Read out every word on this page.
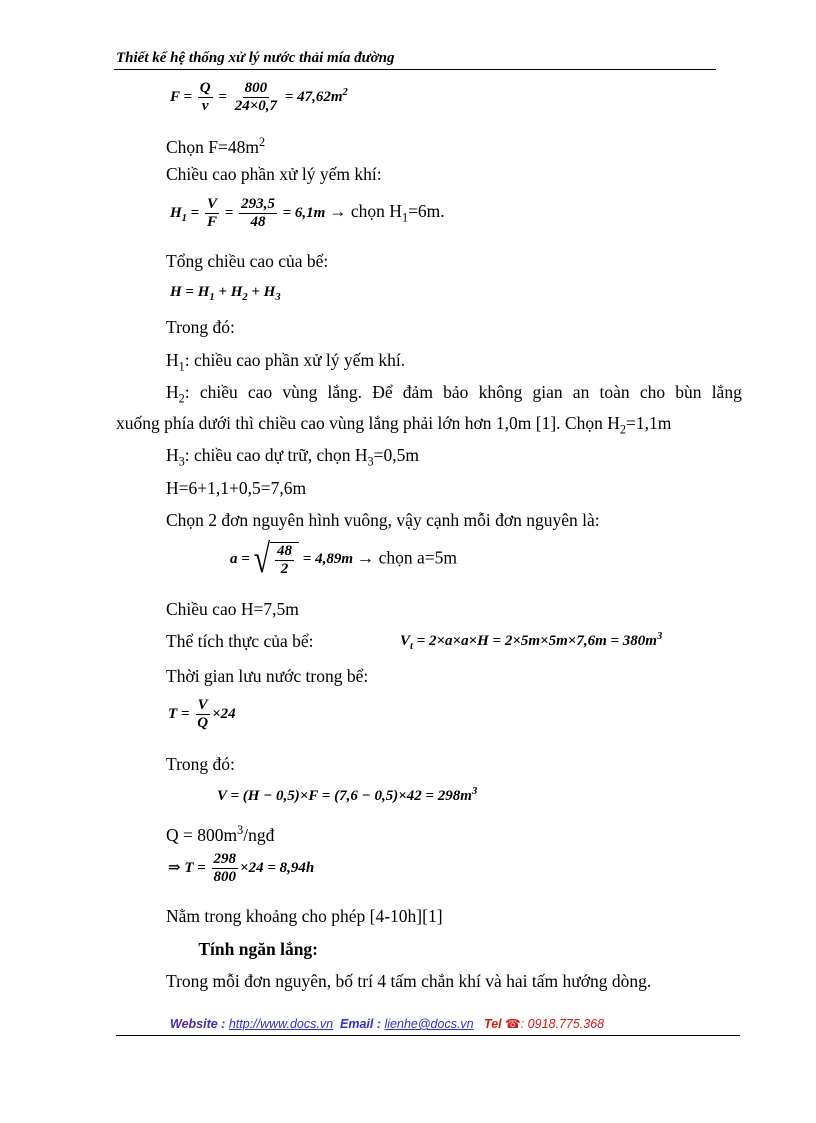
Thiết kế hệ thống xử lý nước thải mía đường
$F = \frac{Q}{v} = \frac{800}{24\times 0,7} = 47,62m^2$
Chọn $F=48m^2$
Chiều cao phần xử lý yếm khí:
$H_1 = \frac{V}{F} = \frac{293,5}{48} = 6,1m$ → chọn $H_1=6m$.
Tổng chiều cao của bể:
$H = H_1 + H_2 + H_3$
Trong đó:
$H_1$: chiều cao phần xử lý yếm khí.
$H_2$: chiều cao vùng lắng. Để đảm bảo không gian an toàn cho bùn lắng
xuống phía dưới thì chiều cao vùng lắng phải lớn hơn 1,0m [1]. Chọn $H_2=1,1m$
$H_3$: chiều cao dự trữ, chọn $H_3=0,5m$
H=6+1,1+0,5=7,6m
Chọn 2 đơn nguyên hình vuông, vậy cạnh mỗi đơn nguyên là:
a = √ $\frac{48}{2} = 4,89m$ → chọn a=5m
Chiều cao H=7,5m
Thể tích thực của bể:	$V_t = 2\times a\times a\times H = 2\times 5m\times 5m\times 7,6m = 380m^3$
Thời gian lưu nước trong bể:
$T = \frac{V}{Q} \times 24$
Trong đó:
$V = (H - 0,5)\times F = (7,6 - 0,5)\times 42 = 298m^3$
$Q = 800m^3$/ngđ
⇒ $T = \frac{298}{800} \times 24 = 8,94h$
Nằm trong khoảng cho phép [4-10h][1]
Tính ngăn lắng:
Trong mỗi đơn nguyên, bố trí 4 tấm chắn khí và hai tấm hướng dòng.
Website : http://www.docs.vn Email : lienhe@docs.vn Tel ☎: 0918.775.368
